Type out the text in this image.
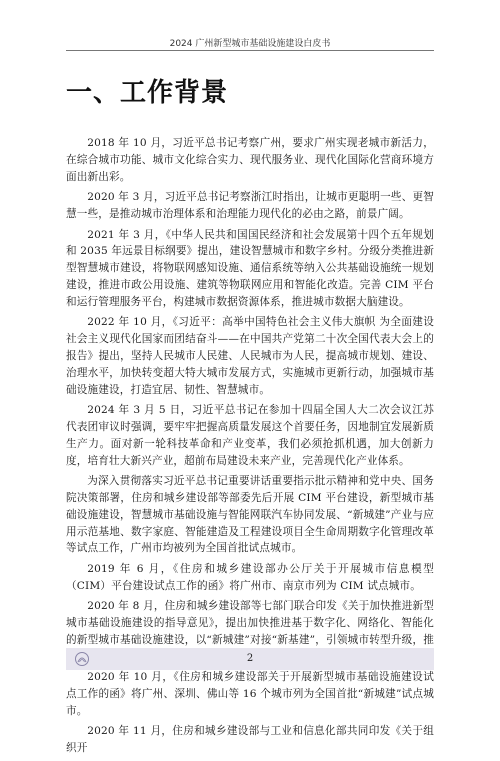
2024 广州新型城市基础设施建设白皮书
一、工作背景

2018 年 10 月，习近平总书记考察广州，要求广州实现老城市新活力，在综合城市功能、城市文化综合实力、现代服务业、现代化国际化营商环境方面出新出彩。

2020 年 3 月，习近平总书记考察浙江时指出，让城市更聪明一些、更智慧一些，是推动城市治理体系和治理能力现代化的必由之路，前景广阔。

2021 年 3 月，《中华人民共和国国民经济和社会发展第十四个五年规划和 2035 年远景目标纲要》提出，建设智慧城市和数字乡村。分级分类推进新型智慧城市建设，将物联网感知设施、通信系统等纳入公共基础设施统一规划建设，推进市政公用设施、建筑等物联网应用和智能化改造。完善 CIM 平台和运行管理服务平台，构建城市数据资源体系，推进城市数据大脑建设。

2022 年 10 月，《习近平：高举中国特色社会主义伟大旗帜 为全面建设社会主义现代化国家而团结奋斗——在中国共产党第二十次全国代表大会上的报告》提出，坚持人民城市人民建、人民城市为人民，提高城市规划、建设、治理水平，加快转变超大特大城市发展方式，实施城市更新行动，加强城市基础设施建设，打造宜居、韧性、智慧城市。

2024 年 3 月 5 日，习近平总书记在参加十四届全国人大二次会议江苏代表团审议时强调，要牢牢把握高质量发展这个首要任务，因地制宜发展新质生产力。面对新一轮科技革命和产业变革，我们必须抢抓机遇，加大创新力度，培育壮大新兴产业，超前布局建设未来产业，完善现代化产业体系。

为深入贯彻落实习近平总书记重要讲话重要指示批示精神和党中央、国务院决策部署，住房和城乡建设部等部委先后开展 CIM 平台建设，新型城市基础设施建设，智慧城市基础设施与智能网联汽车协同发展、“新城建”产业与应用示范基地、数字家庭、智能建造及工程建设项目全生命周期数字化管理改革等试点工作，广州市均被列为全国首批试点城市。

2019 年 6 月，《住房和城乡建设部办公厅关于开展城市信息模型（CIM）平台建设试点工作的函》将广州市、南京市列为 CIM 试点城市。

2020 年 8 月，住房和城乡建设部等七部门联合印发《关于加快推进新型城市基础设施建设的指导意见》，提出加快推进基于数字化、网络化、智能化的新型城市基础设施建设，以“新城建”对接“新基建”，引领城市转型升级，推

2020 年 10 月，《住房和城乡建设部关于开展新型城市基础设施建设试点工作的函》将广州、深圳、佛山等 16 个城市列为全国首批“新城建”试点城市。

2020 年 11 月，住房和城乡建设部与工业和信息化部共同印发《关于组织开

2
